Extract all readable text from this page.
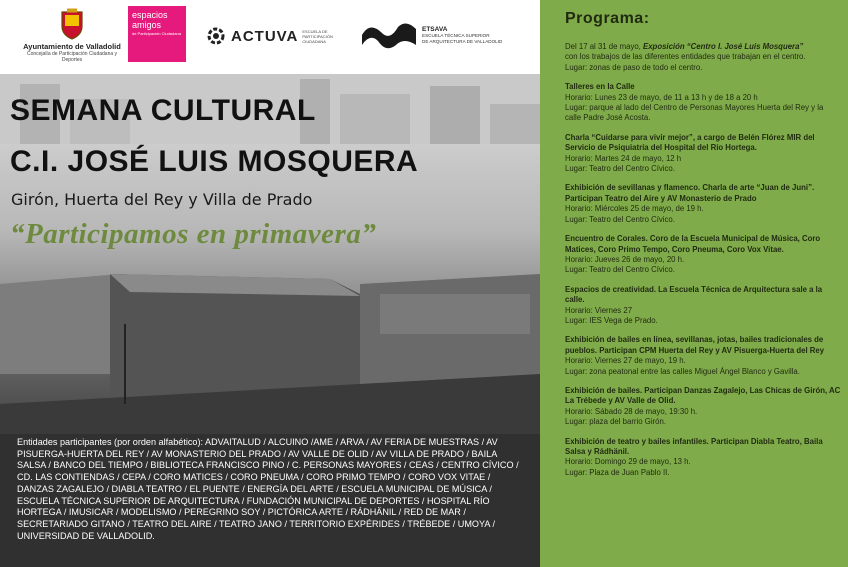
Ayuntamiento de Valladolid
Concejalía de Participación Ciudadana y Deportes
espacios
amigos
de Participación Ciudadana	ACTUVA ESCUELA DE PARTICIPACIÓN CIUDADANA
ETSAVA
ESCUELA TÉCNICA SUPERIOR
DE ARQUITECTURA DE VALLADOLID
SEMANA CULTURAL
C.I. JOSÉ LUIS MOSQUERA
Girón, Huerta del Rey y Villa de Prado
“Participamos en primavera”
Entidades participantes (por orden alfabético): ADVAITALUD / ALCUINO /AME / ARVA / AV FERIA DE MUESTRAS / AV PISUERGA-HUERTA DEL REY / AV MONASTERIO DEL PRADO / AV VALLE DE OLID / AV VILLA DE PRADO / BAILA SALSA / BANCO DEL TIEMPO / BIBLIOTECA FRANCISCO PINO / C. PERSONAS MAYORES / CEAS / CENTRO CÍVICO / CD. LAS CONTIENDAS / CEPA / CORO MATICES / CORO PNEUMA / CORO PRIMO TEMPO / CORO VOX VITAE / DANZAS ZAGALEJO / DIABLA TEATRO / EL PUENTE / ENERGÍA DEL ARTE / ESCUELA MUNICIPAL DE MÚSICA / ESCUELA TÉCNICA SUPERIOR DE ARQUITECTURA / FUNDACIÓN MUNICIPAL DE DEPORTES / HOSPITAL RÍO HORTEGA / IMUSICAR / MODELISMO / PEREGRINO SOY / PICTÓRICA ARTE / RÁDHÄNIL / RED DE MAR / SECRETARIADO GITANO / TEATRO DEL AIRE / TEATRO JANO / TERRITORIO EXPÉRIDES / TRÉBEDE / UMOYA / UNIVERSIDAD DE VALLADOLID.
Programa:
Del 17 al 31 de mayo, Exposición “Centro I. José Luis Mosquera”
con los trabajos de las diferentes entidades que trabajan en el centro.
Lugar: zonas de paso de todo el centro.
Talleres en la Calle
Horario: Lunes 23 de mayo, de 11 a 13 h y de 18 a 20 h
Lugar: parque al lado del Centro de Personas Mayores Huerta del Rey y la calle Padre José Acosta.
Charla “Cuidarse para vivir mejor”, a cargo de Belén Flórez MIR del Servicio de Psiquiatría del Hospital del Río Hortega.
Horario: Martes 24 de mayo, 12 h
Lugar: Teatro del Centro Cívico.
Exhibición de sevillanas y flamenco. Charla de arte “Juan de Juni”. Participan Teatro del Aire y AV Monasterio de Prado
Horario: Miércoles 25 de mayo, de 19 h.
Lugar: Teatro del Centro Cívico.
Encuentro de Corales. Coro de la Escuela Municipal de Música, Coro Matices, Coro Primo Tempo, Coro Pneuma, Coro Vox Vitae.
Horario: Jueves 26 de mayo, 20 h.
Lugar: Teatro del Centro Cívico.
Espacios de creatividad. La Escuela Técnica de Arquitectura sale a la calle.
Horario: Viernes 27
Lugar: IES Vega de Prado.
Exhibición de bailes en línea, sevillanas, jotas, bailes tradicionales de pueblos. Participan CPM Huerta del Rey y AV Pisuerga-Huerta del Rey
Horario: Viernes 27 de mayo, 19 h.
Lugar: zona peatonal entre las calles Miguel Ángel Blanco y Gavilla.
Exhibición de bailes. Participan Danzas Zagalejo, Las Chicas de Girón, AC La Trébede y AV Valle de Olid.
Horario: Sábado 28 de mayo, 19:30 h.
Lugar: plaza del barrio Girón.
Exhibición de teatro y bailes infantiles. Participan Diabla Teatro, Baila Salsa y Rádhänil.
Horario: Domingo 29 de mayo, 13 h.
Lugar: Plaza de Juan Pablo II.
